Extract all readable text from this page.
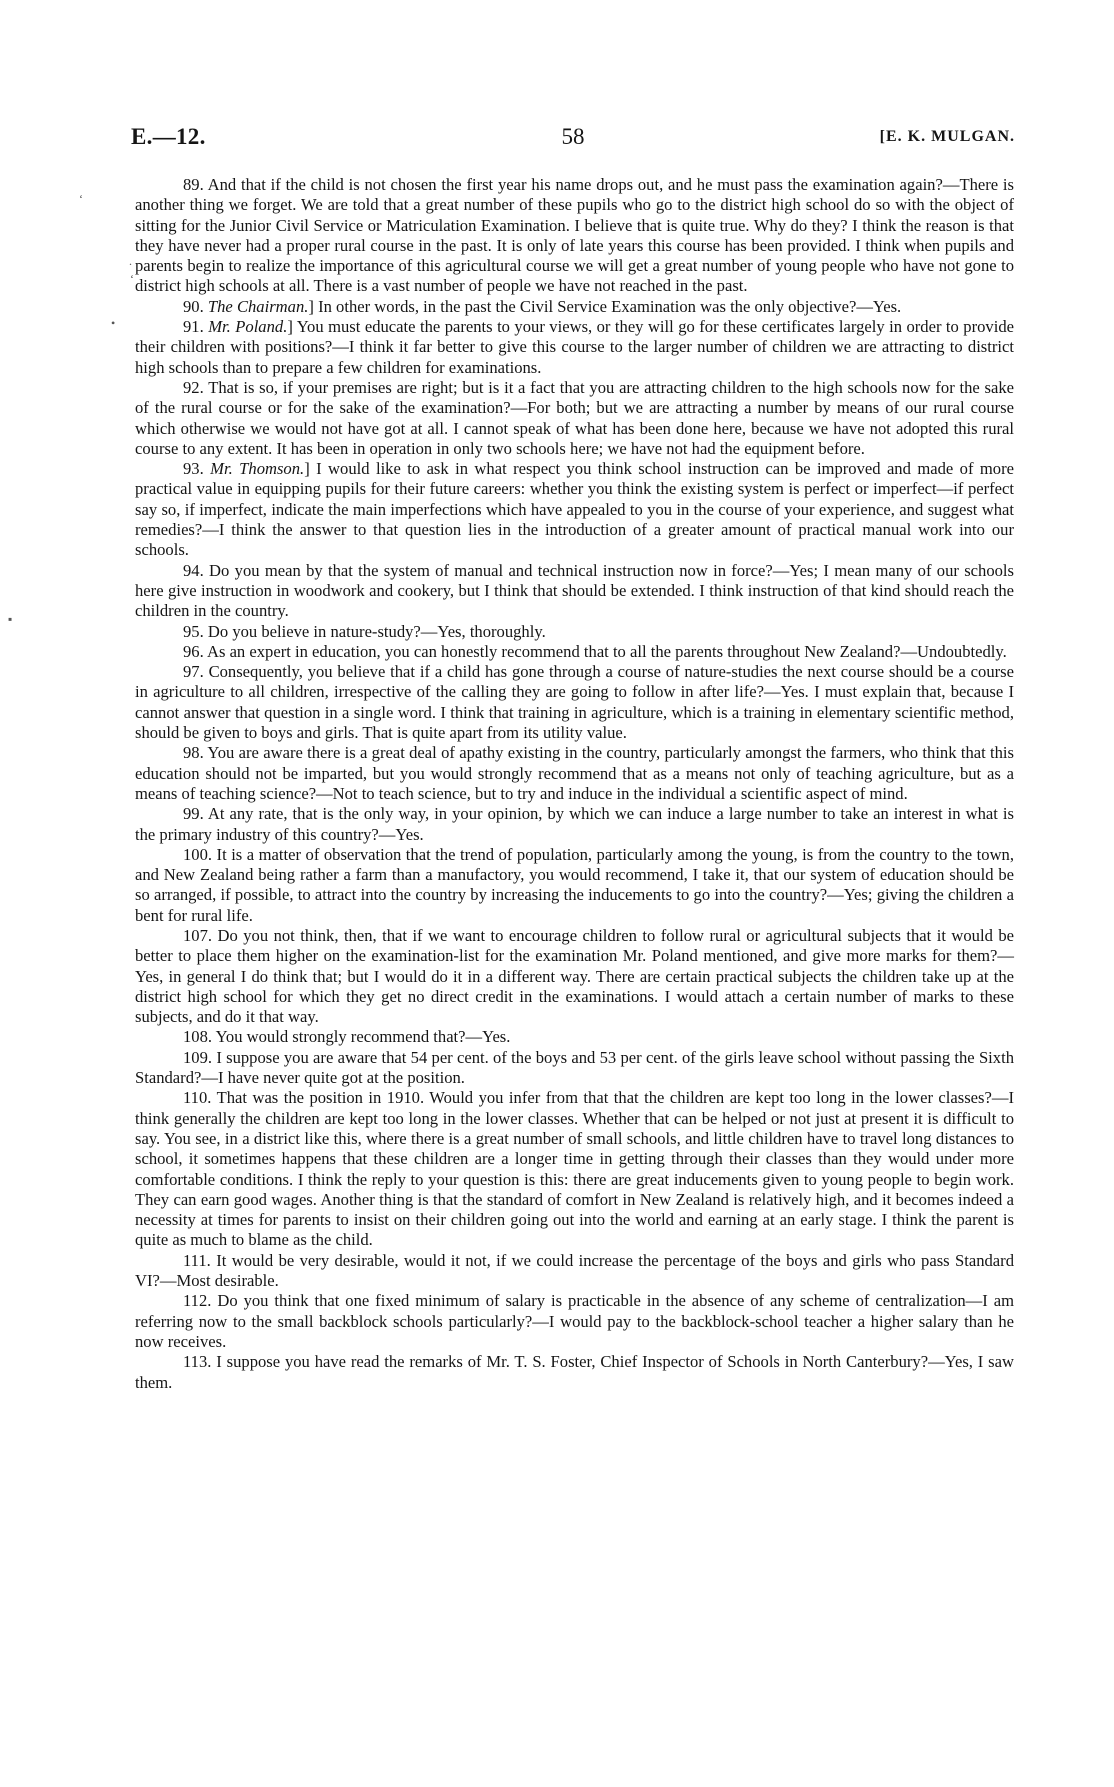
E.—12.	58	[E. K. MULGAN.
‘
.
‘
•
▪

89. And that if the child is not chosen the first year his name drops out, and he must pass the examination again?—There is another thing we forget. We are told that a great number of these pupils who go to the district high school do so with the object of sitting for the Junior Civil Service or Matriculation Examination. I believe that is quite true. Why do they? I think the reason is that they have never had a proper rural course in the past. It is only of late years this course has been provided. I think when pupils and parents begin to realize the importance of this agricultural course we will get a great number of young people who have not gone to district high schools at all. There is a vast number of people we have not reached in the past.

90. The Chairman.] In other words, in the past the Civil Service Examination was the only objective?—Yes.

91. Mr. Poland.] You must educate the parents to your views, or they will go for these certificates largely in order to provide their children with positions?—I think it far better to give this course to the larger number of children we are attracting to district high schools than to prepare a few children for examinations.

92. That is so, if your premises are right; but is it a fact that you are attracting children to the high schools now for the sake of the rural course or for the sake of the examination?—For both; but we are attracting a number by means of our rural course which otherwise we would not have got at all. I cannot speak of what has been done here, because we have not adopted this rural course to any extent. It has been in operation in only two schools here; we have not had the equipment before.

93. Mr. Thomson.] I would like to ask in what respect you think school instruction can be improved and made of more practical value in equipping pupils for their future careers: whether you think the existing system is perfect or imperfect—if perfect say so, if imperfect, indicate the main imperfections which have appealed to you in the course of your experience, and suggest what remedies?—I think the answer to that question lies in the introduction of a greater amount of practical manual work into our schools.

94. Do you mean by that the system of manual and technical instruction now in force?—Yes; I mean many of our schools here give instruction in woodwork and cookery, but I think that should be extended. I think instruction of that kind should reach the children in the country.

95. Do you believe in nature-study?—Yes, thoroughly.

96. As an expert in education, you can honestly recommend that to all the parents throughout New Zealand?—Undoubtedly.

97. Consequently, you believe that if a child has gone through a course of nature-studies the next course should be a course in agriculture to all children, irrespective of the calling they are going to follow in after life?—Yes. I must explain that, because I cannot answer that question in a single word. I think that training in agriculture, which is a training in elementary scientific method, should be given to boys and girls. That is quite apart from its utility value.

98. You are aware there is a great deal of apathy existing in the country, particularly amongst the farmers, who think that this education should not be imparted, but you would strongly recommend that as a means not only of teaching agriculture, but as a means of teaching science?—Not to teach science, but to try and induce in the individual a scientific aspect of mind.

99. At any rate, that is the only way, in your opinion, by which we can induce a large number to take an interest in what is the primary industry of this country?—Yes.

100. It is a matter of observation that the trend of population, particularly among the young, is from the country to the town, and New Zealand being rather a farm than a manufactory, you would recommend, I take it, that our system of education should be so arranged, if possible, to attract into the country by increasing the inducements to go into the country?—Yes; giving the children a bent for rural life.

107. Do you not think, then, that if we want to encourage children to follow rural or agricultural subjects that it would be better to place them higher on the examination-list for the examination Mr. Poland mentioned, and give more marks for them?—Yes, in general I do think that; but I would do it in a different way. There are certain practical subjects the children take up at the district high school for which they get no direct credit in the examinations. I would attach a certain number of marks to these subjects, and do it that way.

108. You would strongly recommend that?—Yes.

109. I suppose you are aware that 54 per cent. of the boys and 53 per cent. of the girls leave school without passing the Sixth Standard?—I have never quite got at the position.

110. That was the position in 1910. Would you infer from that that the children are kept too long in the lower classes?—I think generally the children are kept too long in the lower classes. Whether that can be helped or not just at present it is difficult to say. You see, in a district like this, where there is a great number of small schools, and little children have to travel long distances to school, it sometimes happens that these children are a longer time in getting through their classes than they would under more comfortable conditions. I think the reply to your question is this: there are great inducements given to young people to begin work. They can earn good wages. Another thing is that the standard of comfort in New Zealand is relatively high, and it becomes indeed a necessity at times for parents to insist on their children going out into the world and earning at an early stage. I think the parent is quite as much to blame as the child.

111. It would be very desirable, would it not, if we could increase the percentage of the boys and girls who pass Standard VI?—Most desirable.

112. Do you think that one fixed minimum of salary is practicable in the absence of any scheme of centralization—I am referring now to the small backblock schools particularly?—I would pay to the backblock-school teacher a higher salary than he now receives.

113. I suppose you have read the remarks of Mr. T. S. Foster, Chief Inspector of Schools in North Canterbury?—Yes, I saw them.
